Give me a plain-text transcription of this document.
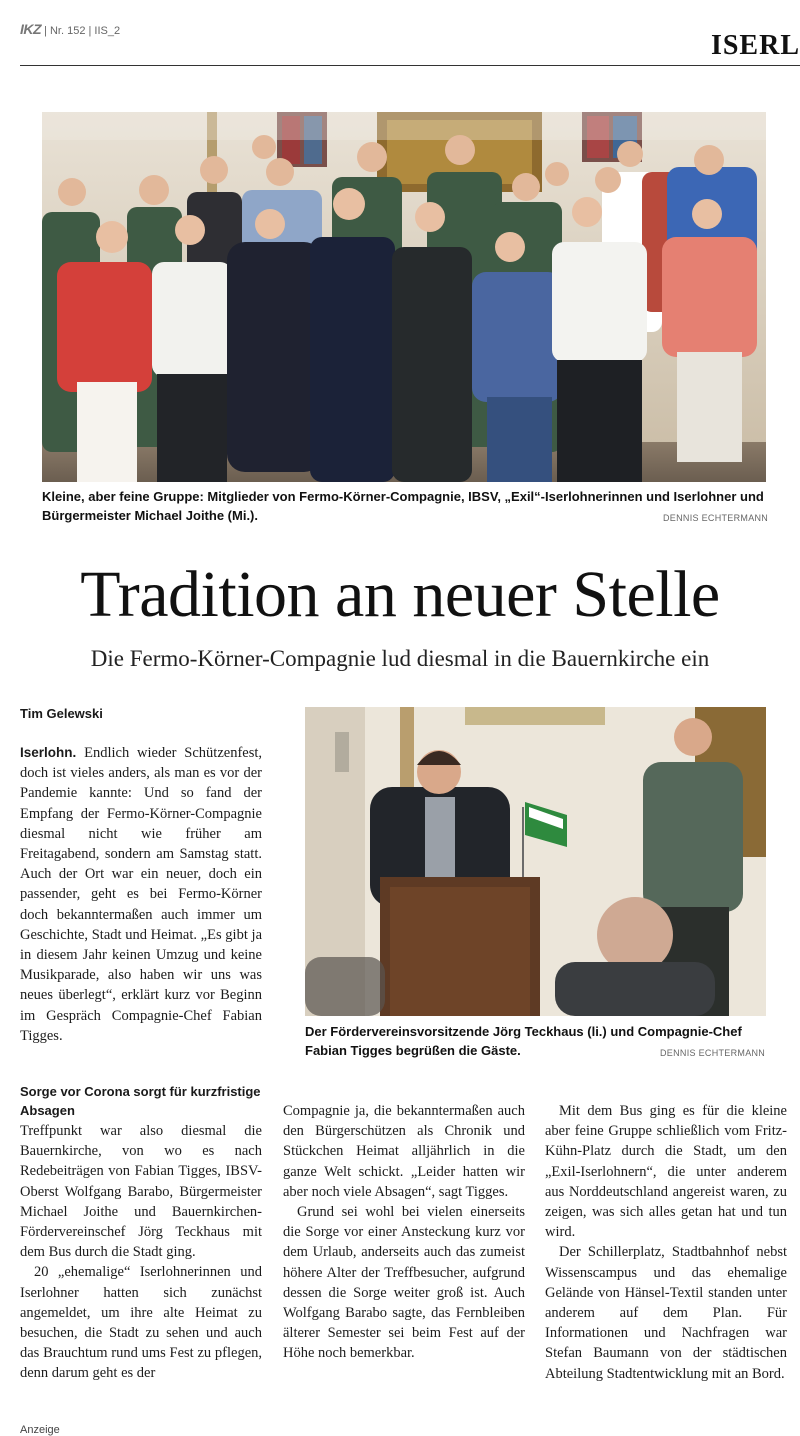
IKZ | Nr. 152 | IIS_2	ISERL
Kleine, aber feine Gruppe: Mitglieder von Fermo-Körner-Compagnie, IBSV, „Exil“-Iserlohnerinnen und Iserlohner und Bürgermeister Michael Joithe (Mi.).	DENNIS ECHTERMANN
Tradition an neuer Stelle
Die Fermo-Körner-Compagnie lud diesmal in die Bauernkirche ein
Tim Gelewski

Iserlohn. Endlich wieder Schützenfest, doch ist vieles anders, als man es vor der Pandemie kannte: Und so fand der Empfang der Fermo-Körner-Compagnie diesmal nicht wie früher am Freitagabend, sondern am Samstag statt. Auch der Ort war ein neuer, doch ein passender, geht es bei Fermo-Körner doch bekanntermaßen auch immer um Geschichte, Stadt und Heimat. „Es gibt ja in diesem Jahr keinen Umzug und keine Musikparade, also haben wir uns was neues überlegt“, erklärt kurz vor Beginn im Gespräch Compagnie-Chef Fabian Tigges.	Der Fördervereinsvorsitzende Jörg Teckhaus (li.) und Compagnie-Chef Fabian Tigges begrüßen die Gäste.	DENNIS ECHTERMANN
Sorge vor Corona sorgt für kurzfristige Absagen

Treffpunkt war also diesmal die Bauernkirche, von wo es nach Redebeiträgen von Fabian Tigges, IBSV-Oberst Wolfgang Barabo, Bürgermeister Michael Joithe und Bauernkirchen-Fördervereinschef Jörg Teckhaus mit dem Bus durch die Stadt ging.

20 „ehemalige“ Iserlohnerinnen und Iserlohner hatten sich zunächst angemeldet, um ihre alte Heimat zu besuchen, die Stadt zu sehen und auch das Brauchtum rund ums Fest zu pflegen, denn darum geht es der

Compagnie ja, die bekanntermaßen auch den Bürgerschützen als Chronik und Stückchen Heimat alljährlich in die ganze Welt schickt. „Leider hatten wir aber noch viele Absagen“, sagt Tigges.

Grund sei wohl bei vielen einerseits die Sorge vor einer Ansteckung kurz vor dem Urlaub, anderseits auch das zumeist höhere Alter der Treffbesucher, aufgrund dessen die Sorge weiter groß ist. Auch Wolfgang Barabo sagte, das Fernbleiben älterer Semester sei beim Fest auf der Höhe noch bemerkbar.

Mit dem Bus ging es für die kleine aber feine Gruppe schließlich vom Fritz-Kühn-Platz durch die Stadt, um den „Exil-Iserlohnern“, die unter anderem aus Norddeutschland angereist waren, zu zeigen, was sich alles getan hat und tun wird.

Der Schillerplatz, Stadtbahnhof nebst Wissenscampus und das ehemalige Gelände von Hänsel-Textil standen unter anderem auf dem Plan. Für Informationen und Nachfragen war Stefan Baumann von der städtischen Abteilung Stadtentwicklung mit an Bord.

Anzeige
